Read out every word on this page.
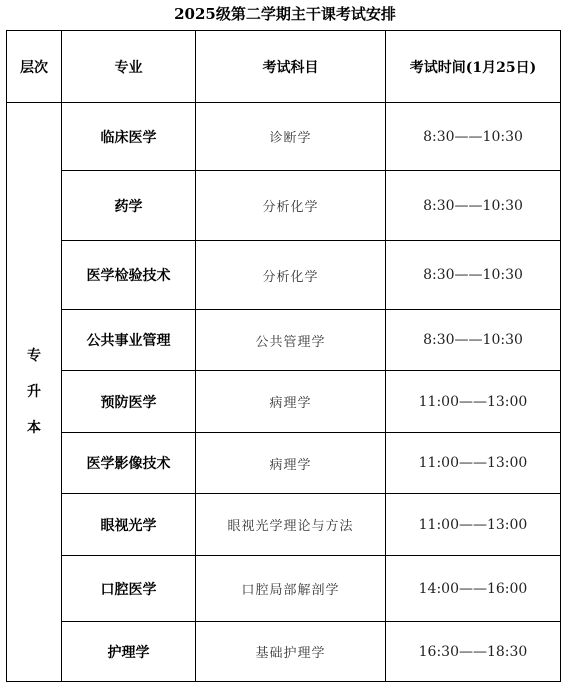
2025级第二学期主干课考试安排
层次	专业	考试科目	考试时间(1月25日)
专升本	临床医学	诊断学	8:30——10:30
	药学	分析化学	8:30——10:30
	医学检验技术	分析化学	8:30——10:30
	公共事业管理	公共管理学	8:30——10:30
	预防医学	病理学	11:00——13:00
	医学影像技术	病理学	11:00——13:00
	眼视光学	眼视光学理论与方法	11:00——13:00
	口腔医学	口腔局部解剖学	14:00——16:00
	护理学	基础护理学	16:30——18:30
